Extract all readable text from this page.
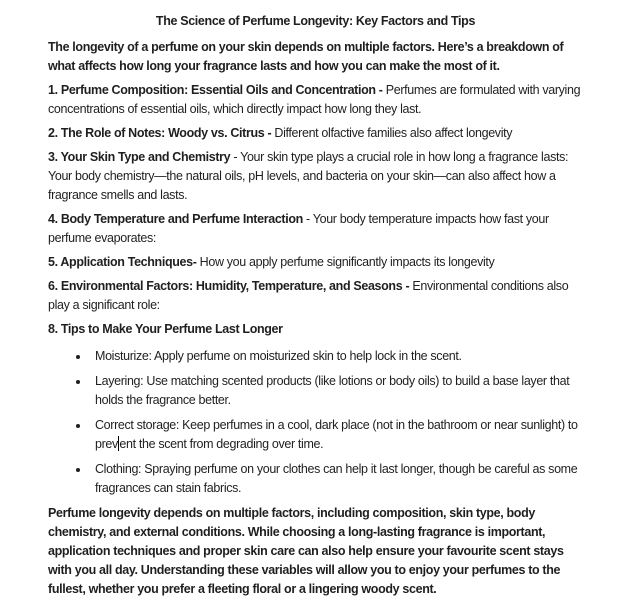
The Science of Perfume Longevity: Key Factors and Tips

The longevity of a perfume on your skin depends on multiple factors. Here’s a breakdown of what affects how long your fragrance lasts and how you can make the most of it.

1. Perfume Composition: Essential Oils and Concentration - Perfumes are formulated with varying concentrations of essential oils, which directly impact how long they last.

2. The Role of Notes: Woody vs. Citrus - Different olfactive families also affect longevity

3. Your Skin Type and Chemistry - Your skin type plays a crucial role in how long a fragrance lasts: Your body chemistry—the natural oils, pH levels, and bacteria on your skin—can also affect how a fragrance smells and lasts.

4. Body Temperature and Perfume Interaction - Your body temperature impacts how fast your perfume evaporates:

5. Application Techniques- How you apply perfume significantly impacts its longevity

6. Environmental Factors: Humidity, Temperature, and Seasons - Environmental conditions also play a significant role:

8. Tips to Make Your Perfume Last Longer

Moisturize: Apply perfume on moisturized skin to help lock in the scent.
Layering: Use matching scented products (like lotions or body oils) to build a base layer that holds the fragrance better.
Correct storage: Keep perfumes in a cool, dark place (not in the bathroom or near sunlight) to prev ent the scent from degrading over time.
Clothing: Spraying perfume on your clothes can help it last longer, though be careful as some fragrances can stain fabrics.

Perfume longevity depends on multiple factors, including composition, skin type, body chemistry, and external conditions. While choosing a long-lasting fragrance is important, application techniques and proper skin care can also help ensure your favourite scent stays with you all day. Understanding these variables will allow you to enjoy your perfumes to the fullest, whether you prefer a fleeting floral or a lingering woody scent.
